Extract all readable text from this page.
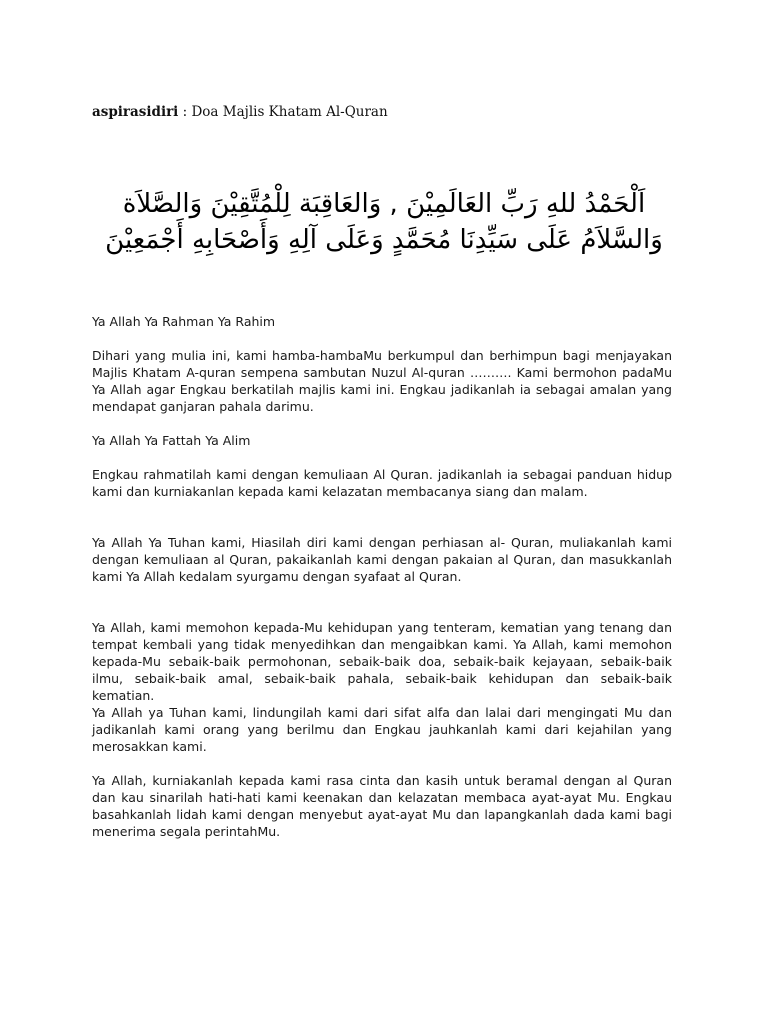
aspirasidiri : Doa Majlis Khatam Al-Quran
اَلْحَمْدُ للهِ رَبِّ العَالَمِيْنَ , وَالعَاقِبَة لِلْمُتَّقِيْنَ وَالصَّلاَة وَالسَّلاَمُ عَلَى سَيِّدِنَا مُحَمَّدٍ وَعَلَى آلِهِ وَأَصْحَابِهِ أَجْمَعِيْنَ

Ya Allah Ya Rahman Ya Rahim

Dihari yang mulia ini, kami hamba-hambaMu berkumpul dan berhimpun bagi menjayakan Majlis Khatam A-quran sempena sambutan Nuzul Al-quran ………. Kami bermohon padaMu Ya Allah agar Engkau berkatilah majlis kami ini. Engkau jadikanlah ia sebagai amalan yang mendapat ganjaran pahala darimu.

Ya Allah Ya Fattah Ya Alim

Engkau rahmatilah kami dengan kemuliaan Al Quran. jadikanlah ia sebagai panduan hidup kami dan kurniakanlan kepada kami kelazatan membacanya siang dan malam.

Ya Allah Ya Tuhan kami, Hiasilah diri kami dengan perhiasan al- Quran, muliakanlah kami dengan kemuliaan al Quran, pakaikanlah kami dengan pakaian al Quran, dan masukkanlah kami Ya Allah kedalam syurgamu dengan syafaat al Quran.

Ya Allah, kami memohon kepada-Mu kehidupan yang tenteram, kematian yang tenang dan tempat kembali yang tidak menyedihkan dan mengaibkan kami. Ya Allah, kami memohon kepada-Mu sebaik-baik permohonan, sebaik-baik doa, sebaik-baik kejayaan, sebaik-baik ilmu, sebaik-baik amal, sebaik-baik pahala, sebaik-baik kehidupan dan sebaik-baik kematian.

Ya Allah ya Tuhan kami, lindungilah kami dari sifat alfa dan lalai dari mengingati Mu dan jadikanlah kami orang yang berilmu dan Engkau jauhkanlah kami dari kejahilan yang merosakkan kami.

Ya Allah, kurniakanlah kepada kami rasa cinta dan kasih untuk beramal dengan al Quran dan kau sinarilah hati-hati kami keenakan dan kelazatan membaca ayat-ayat Mu. Engkau basahkanlah lidah kami dengan menyebut ayat-ayat Mu dan lapangkanlah dada kami bagi menerima segala perintahMu.
